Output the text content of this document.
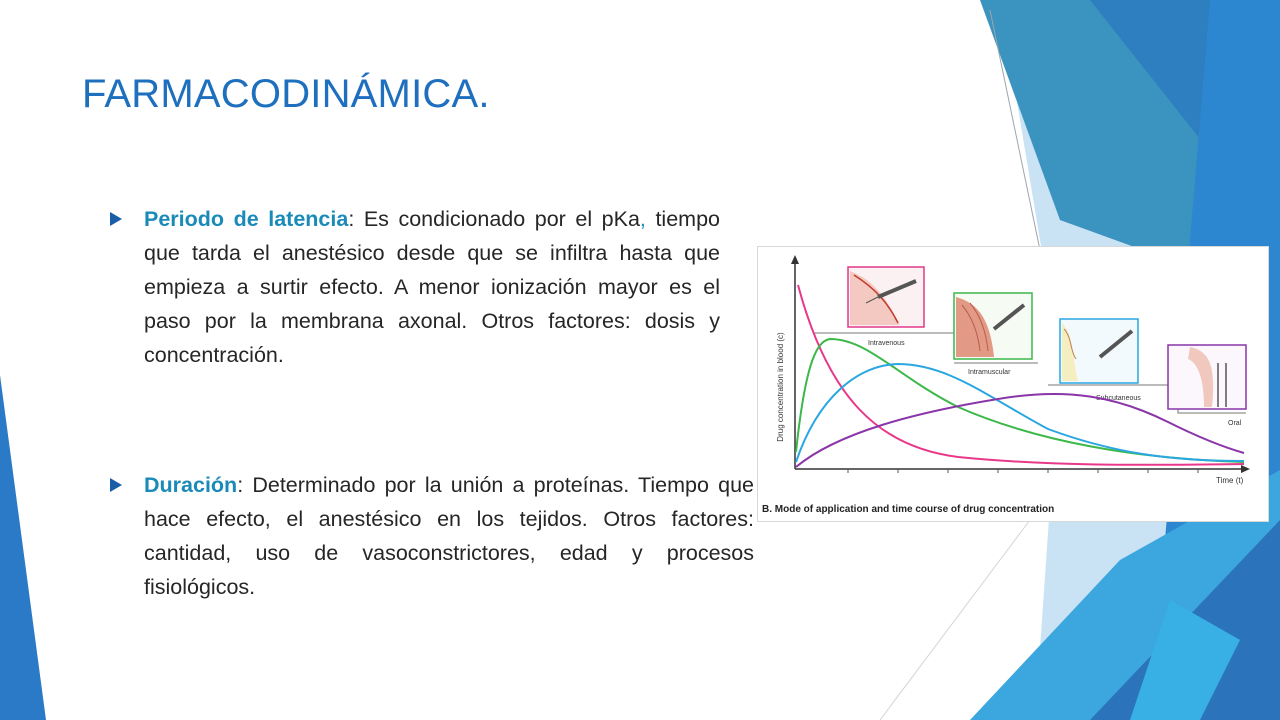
FARMACODINÁMICA.

Periodo de latencia: Es condicionado por el pKa, tiempo que tarda el anestésico desde que se infiltra hasta que empieza a surtir efecto. A menor ionización mayor es el paso por la membrana axonal. Otros factores: dosis y concentración.

Duración: Determinado por la unión a proteínas. Tiempo que hace efecto, el anestésico en los tejidos. Otros factores: cantidad, uso de vasoconstrictores, edad y procesos fisiológicos.

Drug concentration in blood (c)
Time (t)
Intravenous
Intramuscular
Subcutaneous
Oral
B. Mode of application and time course of drug concentration
